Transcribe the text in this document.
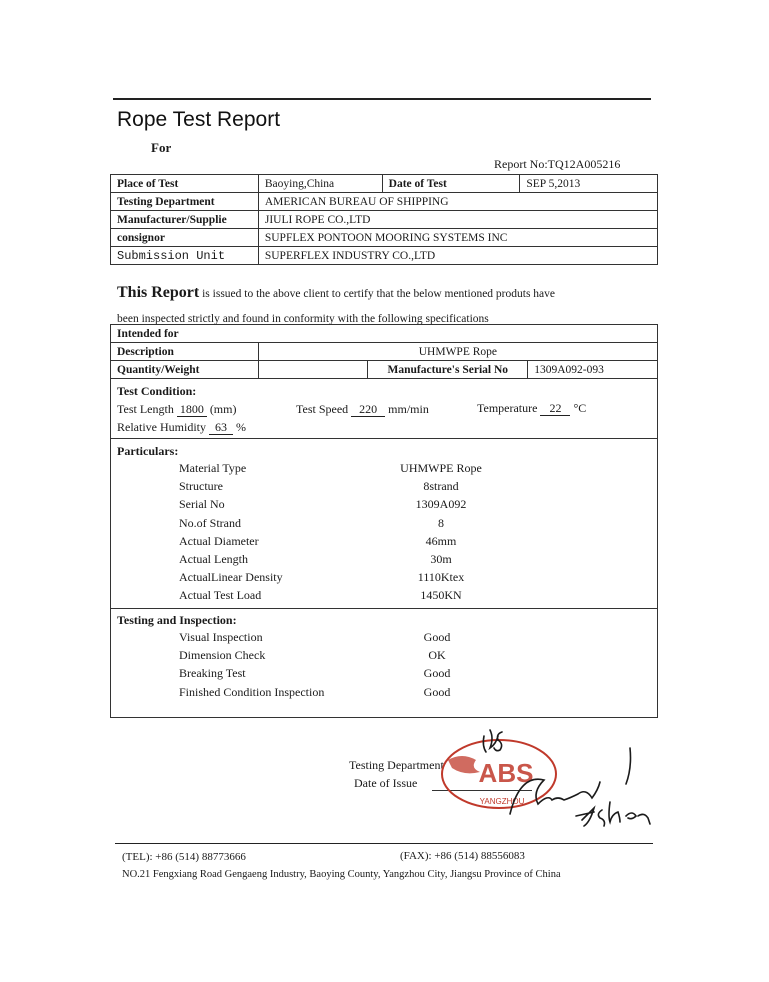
Rope Test Report
For
Report No:TQ12A005216
Place of Test	Baoying,China	Date of Test	SEP 5,2013
Testing Department	AMERICAN BUREAU OF SHIPPING		
Manufacturer/Supplie	JIULI ROPE CO.,LTD		
consignor	SUPFLEX PONTOON MOORING SYSTEMS INC		
Submission Unit	SUPERFLEX INDUSTRY CO.,LTD		
This Report is issued to the above client to certify that the below mentioned produts have
been inspected strictly and found in conformity with the following specifications
Intended for			
Description	UHMWPE Rope		
Quantity/Weight		Manufacture's Serial No	1309A092-093
Test Condition:
Test Length 1800 (mm)	Test Speed 220 mm/min	Temperature 22 °C
Relative Humidity 63 %
Particulars:
Material Type	UHMWPE Rope
Structure	8strand
Serial No	1309A092
No.of Strand	8
Actual Diameter	46mm
Actual Length	30m
ActualLinear Density	1110Ktex
Actual Test Load	1450KN
Testing and Inspection:
Visual Inspection	Good
Dimension Check	OK
Breaking Test	Good
Finished Condition Inspection	Good
Testing Department
Date of Issue ABS
YANGZHOU
(TEL): +86 (514) 88773666	(FAX): +86 (514) 88556083
NO.21 Fengxiang Road Gengaeng Industry, Baoying County, Yangzhou City, Jiangsu Province of China
